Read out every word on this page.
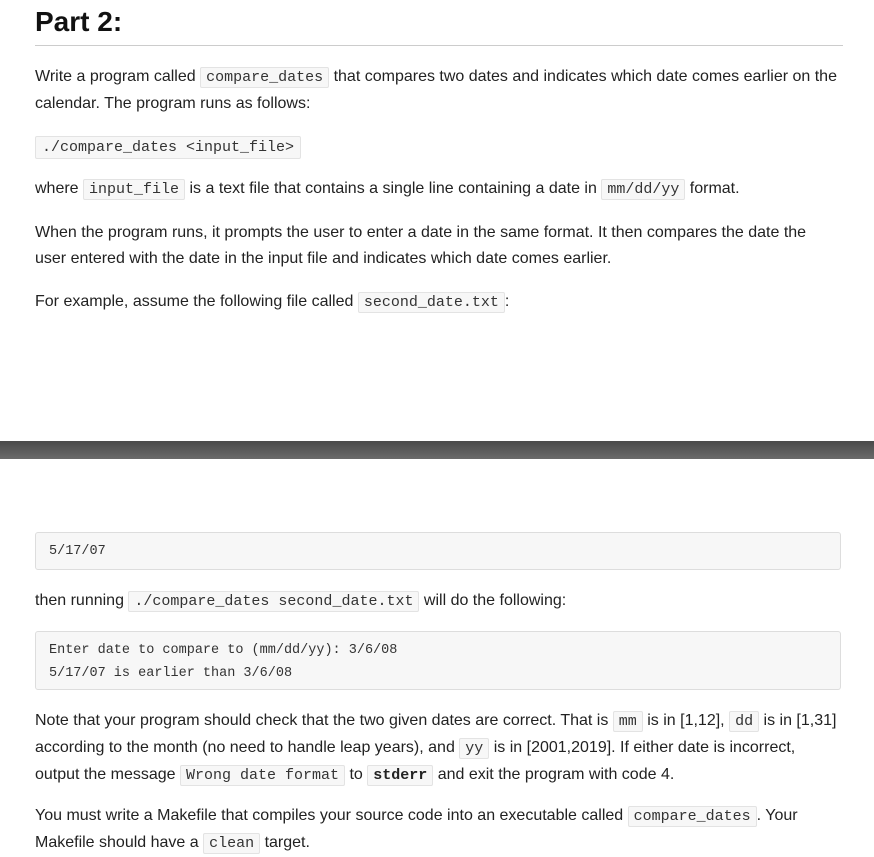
Part 2:

Write a program called compare_dates that compares two dates and indicates which date comes earlier on the calendar. The program runs as follows:

./compare_dates <input_file>

where input_file is a text file that contains a single line containing a date in mm/dd/yy format.

When the program runs, it prompts the user to enter a date in the same format. It then compares the date the user entered with the date in the input file and indicates which date comes earlier.

For example, assume the following file called second_date.txt :

5/17/07

then running ./compare_dates second_date.txt will do the following:

Enter date to compare to (mm/dd/yy): 3/6/08
5/17/07 is earlier than 3/6/08

Note that your program should check that the two given dates are correct. That is mm is in [1,12], dd is in [1,31] according to the month (no need to handle leap years), and yy is in [2001,2019]. If either date is incorrect, output the message Wrong date format to stderr and exit the program with code 4.

You must write a Makefile that compiles your source code into an executable called compare_dates . Your Makefile should have a clean target.
